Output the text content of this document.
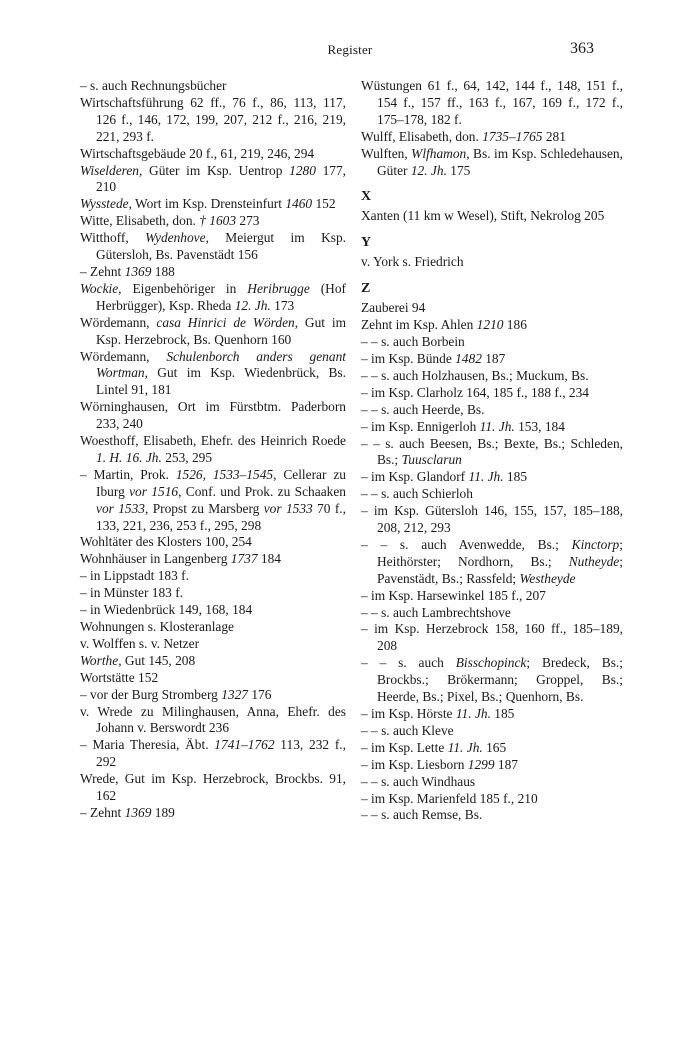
Register	363

– s. auch Rechnungsbücher

Wirtschaftsführung 62 ff., 76 f., 86, 113, 117, 126 f., 146, 172, 199, 207, 212 f., 216, 219, 221, 293 f.

Wirtschaftsgebäude 20 f., 61, 219, 246, 294

Wiselderen, Güter im Ksp. Uentrop 1280 177, 210

Wysstede, Wort im Ksp. Drensteinfurt 1460 152

Witte, Elisabeth, don. † 1603 273

Witthoff, Wydenhove, Meiergut im Ksp. Gütersloh, Bs. Pavenstädt 156

– Zehnt 1369 188

Wockie, Eigenbehöriger in Heribrugge (Hof Herbrügger), Ksp. Rheda 12. Jh. 173

Wördemann, casa Hinrici de Wörden, Gut im Ksp. Herzebrock, Bs. Quenhorn 160

Wördemann, Schulenborch anders genant Wortman, Gut im Ksp. Wiedenbrück, Bs. Lintel 91, 181

Wörninghausen, Ort im Fürstbtm. Paderborn 233, 240

Woesthoff, Elisabeth, Ehefr. des Heinrich Roede 1. H. 16. Jh. 253, 295

– Martin, Prok. 1526, 1533–1545, Cellerar zu Iburg vor 1516, Conf. und Prok. zu Schaaken vor 1533, Propst zu Marsberg vor 1533 70 f., 133, 221, 236, 253 f., 295, 298

Wohltäter des Klosters 100, 254

Wohnhäuser in Langenberg 1737 184

– in Lippstadt 183 f.

– in Münster 183 f.

– in Wiedenbrück 149, 168, 184

Wohnungen s. Klosteranlage

v. Wolffen s. v. Netzer

Worthe, Gut 145, 208

Wortstätte 152

– vor der Burg Stromberg 1327 176

v. Wrede zu Milinghausen, Anna, Ehefr. des Johann v. Berswordt 236

– Maria Theresia, Äbt. 1741–1762 113, 232 f., 292

Wrede, Gut im Ksp. Herzebrock, Brockbs. 91, 162

– Zehnt 1369 189

Wüstungen 61 f., 64, 142, 144 f., 148, 151 f., 154 f., 157 ff., 163 f., 167, 169 f., 172 f., 175–178, 182 f.

Wulff, Elisabeth, don. 1735–1765 281

Wulften, Wlfhamon, Bs. im Ksp. Schledehausen, Güter 12. Jh. 175

X

Xanten (11 km w Wesel), Stift, Nekrolog 205

Y

v. York s. Friedrich

Z

Zauberei 94

Zehnt im Ksp. Ahlen 1210 186

– – s. auch Borbein

– im Ksp. Bünde 1482 187

– – s. auch Holzhausen, Bs.; Muckum, Bs.

– im Ksp. Clarholz 164, 185 f., 188 f., 234

– – s. auch Heerde, Bs.

– im Ksp. Ennigerloh 11. Jh. 153, 184

– – s. auch Beesen, Bs.; Bexte, Bs.; Schleden, Bs.; Tuusclarun

– im Ksp. Glandorf 11. Jh. 185

– – s. auch Schierloh

– im Ksp. Gütersloh 146, 155, 157, 185–188, 208, 212, 293

– – s. auch Avenwedde, Bs.; Kinctorp; Heithörster; Nordhorn, Bs.; Nutheyde; Pavenstädt, Bs.; Rassfeld; Westheyde

– im Ksp. Harsewinkel 185 f., 207

– – s. auch Lambrechtshove

– im Ksp. Herzebrock 158, 160 ff., 185–189, 208

– – s. auch Bisschopinck; Bredeck, Bs.; Brockbs.; Brökermann; Groppel, Bs.; Heerde, Bs.; Pixel, Bs.; Quenhorn, Bs.

– im Ksp. Hörste 11. Jh. 185

– – s. auch Kleve

– im Ksp. Lette 11. Jh. 165

– im Ksp. Liesborn 1299 187

– – s. auch Windhaus

– im Ksp. Marienfeld 185 f., 210

– – s. auch Remse, Bs.
